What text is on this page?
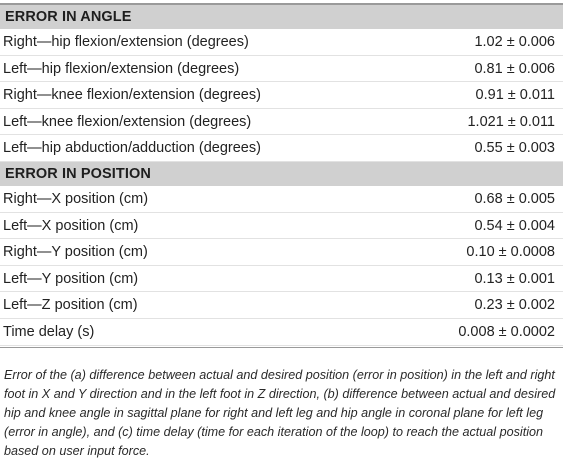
ERROR IN ANGLE
Right—hip flexion/extension (degrees)	1.02 ± 0.006
Left—hip flexion/extension (degrees)	0.81 ± 0.006
Right—knee flexion/extension (degrees)	0.91 ± 0.011
Left—knee flexion/extension (degrees)	1.021 ± 0.011
Left—hip abduction/adduction (degrees)	0.55 ± 0.003
ERROR IN POSITION
Right—X position (cm)	0.68 ± 0.005
Left—X position (cm)	0.54 ± 0.004
Right—Y position (cm)	0.10 ± 0.0008
Left—Y position (cm)	0.13 ± 0.001
Left—Z position (cm)	0.23 ± 0.002
Time delay (s)	0.008 ± 0.0002
Error of the (a) difference between actual and desired position (error in position) in the left and right foot in X and Y direction and in the left foot in Z direction, (b) difference between actual and desired hip and knee angle in sagittal plane for right and left leg and hip angle in coronal plane for left leg (error in angle), and (c) time delay (time for each iteration of the loop) to reach the actual position based on user input force.
